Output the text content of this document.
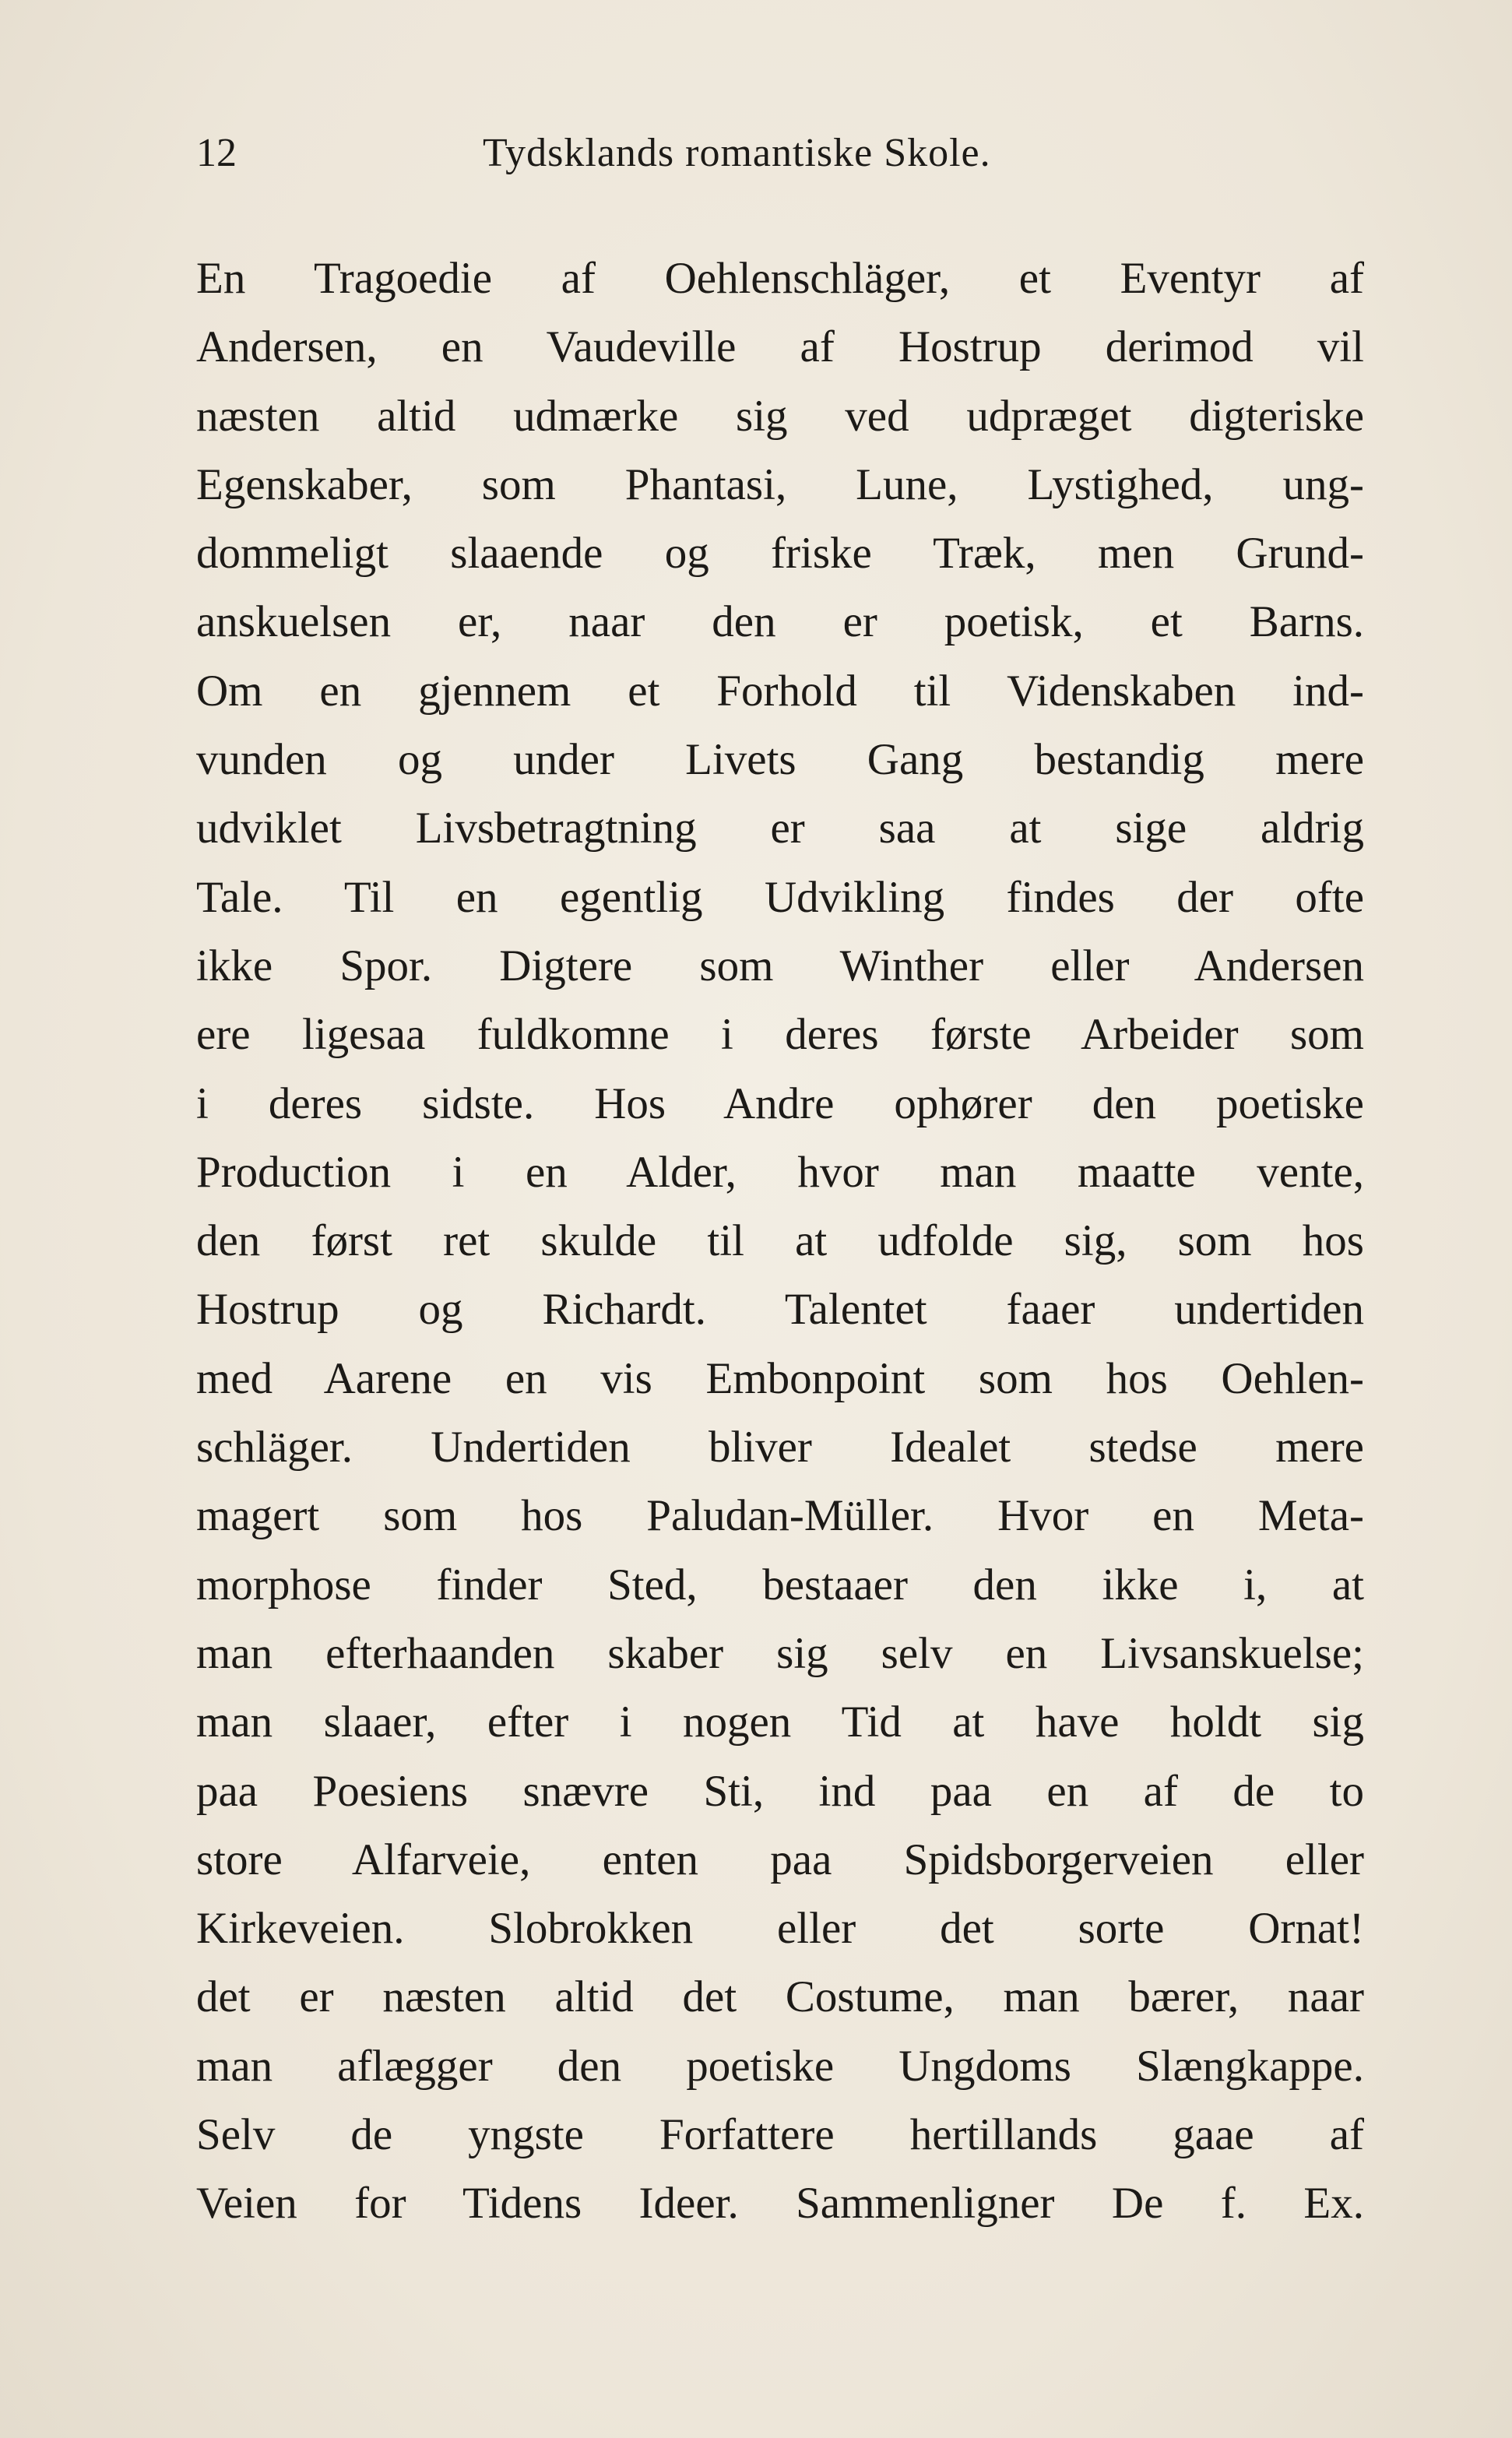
12	Tydsklands romantiske Skole.
En Tragoedie af Oehlenschläger, et Eventyr af
Andersen, en Vaudeville af Hostrup derimod vil
næsten altid udmærke sig ved udpræget digteriske
Egenskaber, som Phantasi, Lune, Lystighed, ung-
dommeligt slaaende og friske Træk, men Grund-
anskuelsen er, naar den er poetisk, et Barns.
Om en gjennem et Forhold til Videnskaben ind-
vunden og under Livets Gang bestandig mere
udviklet Livsbetragtning er saa at sige aldrig
Tale. Til en egentlig Udvikling findes der ofte
ikke Spor. Digtere som Winther eller Andersen
ere ligesaa fuldkomne i deres første Arbeider som
i deres sidste. Hos Andre ophører den poetiske
Production i en Alder, hvor man maatte vente,
den først ret skulde til at udfolde sig, som hos
Hostrup og Richardt. Talentet faaer undertiden
med Aarene en vis Embonpoint som hos Oehlen-
schläger. Undertiden bliver Idealet stedse mere
magert som hos Paludan-Müller. Hvor en Meta-
morphose finder Sted, bestaaer den ikke i, at
man efterhaanden skaber sig selv en Livsanskuelse;
man slaaer, efter i nogen Tid at have holdt sig
paa Poesiens snævre Sti, ind paa en af de to
store Alfarveie, enten paa Spidsborgerveien eller
Kirkeveien. Slobrokken eller det sorte Ornat!
det er næsten altid det Costume, man bærer, naar
man aflægger den poetiske Ungdoms Slængkappe.
Selv de yngste Forfattere hertillands gaae af
Veien for Tidens Ideer. Sammenligner De f. Ex.
